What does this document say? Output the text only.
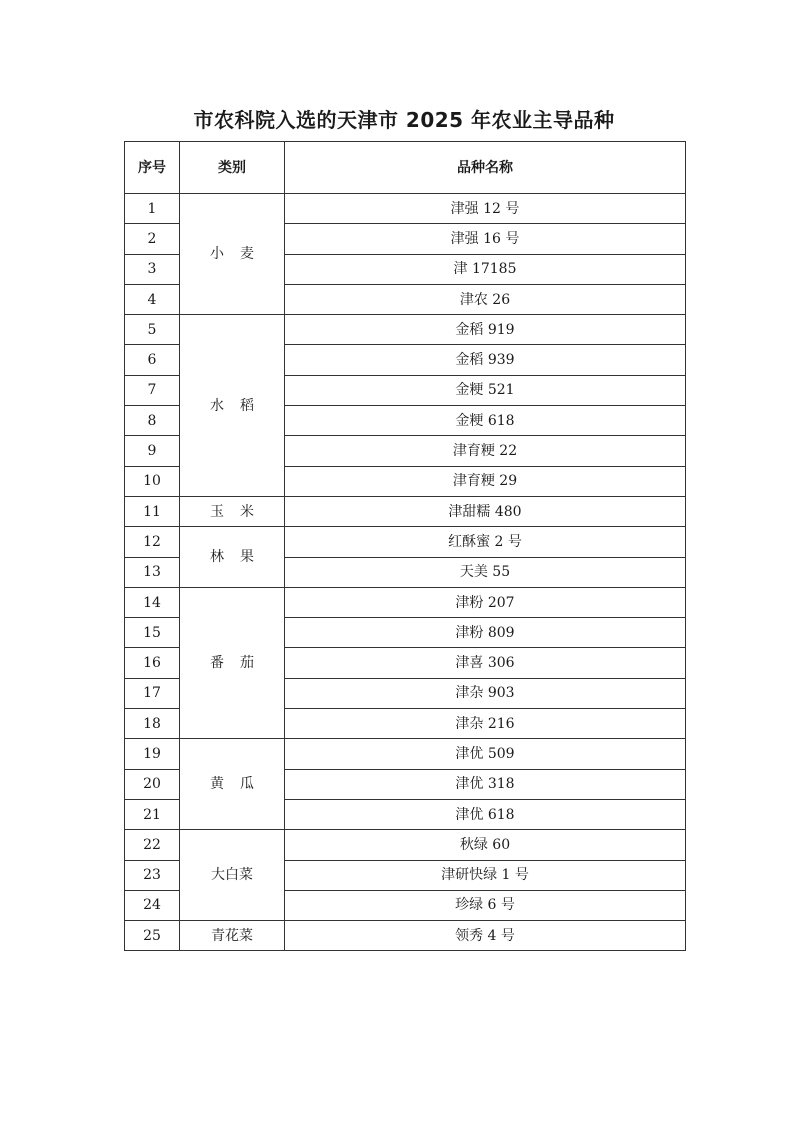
市农科院入选的天津市 2025 年农业主导品种
序号	类别	品种名称
1	小麦	津强 12 号
2		津强 16 号
3		津 17185
4		津农 26
5	水稻	金稻 919
6		金稻 939
7		金粳 521
8		金粳 618
9		津育粳 22
10		津育粳 29
11	玉米	津甜糯 480
12	林果	红酥蜜 2 号
13		天美 55
14	番茄	津粉 207
15		津粉 809
16		津喜 306
17		津杂 903
18		津杂 216
19	黄瓜	津优 509
20		津优 318
21		津优 618
22	大白菜	秋绿 60
23		津研快绿 1 号
24		珍绿 6 号
25	青花菜	领秀 4 号
